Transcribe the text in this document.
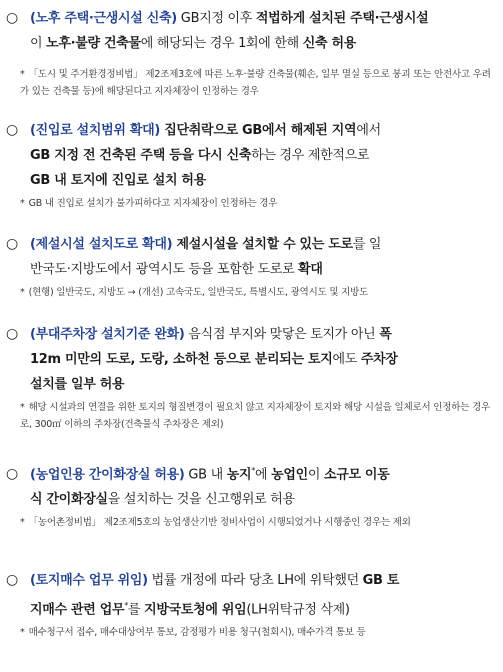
○ (노후 주택·근생시설 신축) GB지정 이후 적법하게 설치된 주택·근생시설

이 노후·불량 건축물에 해당되는 경우 1회에 한해 신축 허용

* 「도시 및 주거환경정비법」 제2조제3호에 따른 노후·불량 건축물(훼손, 일부 멸실 등으로 붕괴 또는 안전사고 우려가 있는 건축물 등)에 해당된다고 지자체장이 인정하는 경우

○ (진입로 설치범위 확대) 집단취락으로 GB에서 해제된 지역에서

GB 지정 전 건축된 주택 등을 다시 신축하는 경우 제한적으로

GB 내 토지에 진입로 설치 허용

* GB 내 진입로 설치가 불가피하다고 지자체장이 인정하는 경우

○ (제설시설 설치도로 확대) 제설시설을 설치할 수 있는 도로를 일

반국도·지방도에서 광역시도 등을 포함한 도로로 확대

* (현행) 일반국도, 지방도 → (개선) 고속국도, 일반국도, 특별시도, 광역시도 및 지방도

○ (부대주차장 설치기준 완화) 음식점 부지와 맞닿은 토지가 아닌 폭

12m 미만의 도로, 도랑, 소하천 등으로 분리되는 토지에도 주차장

설치를 일부 허용

* 해당 시설과의 연결을 위한 토지의 형질변경이 필요치 않고 지자체장이 토지와 해당 시설을 일체로서 인정하는 경우로, 300㎡ 이하의 주차장(건축물식 주차장은 제외)

○ (농업인용 간이화장실 허용) GB 내 농지*에 농업인이 소규모 이동

식 간이화장실을 설치하는 것을 신고행위로 허용

* 「농어촌정비법」 제2조제5호의 농업생산기반 정비사업이 시행되었거나 시행중인 경우는 제외

○ (토지매수 업무 위임) 법률 개정에 따라 당초 LH에 위탁했던 GB 토

지매수 관련 업무*를 지방국토청에 위임(LH위탁규정 삭제)

* 매수청구서 접수, 매수대상여부 통보, 감정평가 비용 청구(철회시), 매수가격 통보 등
